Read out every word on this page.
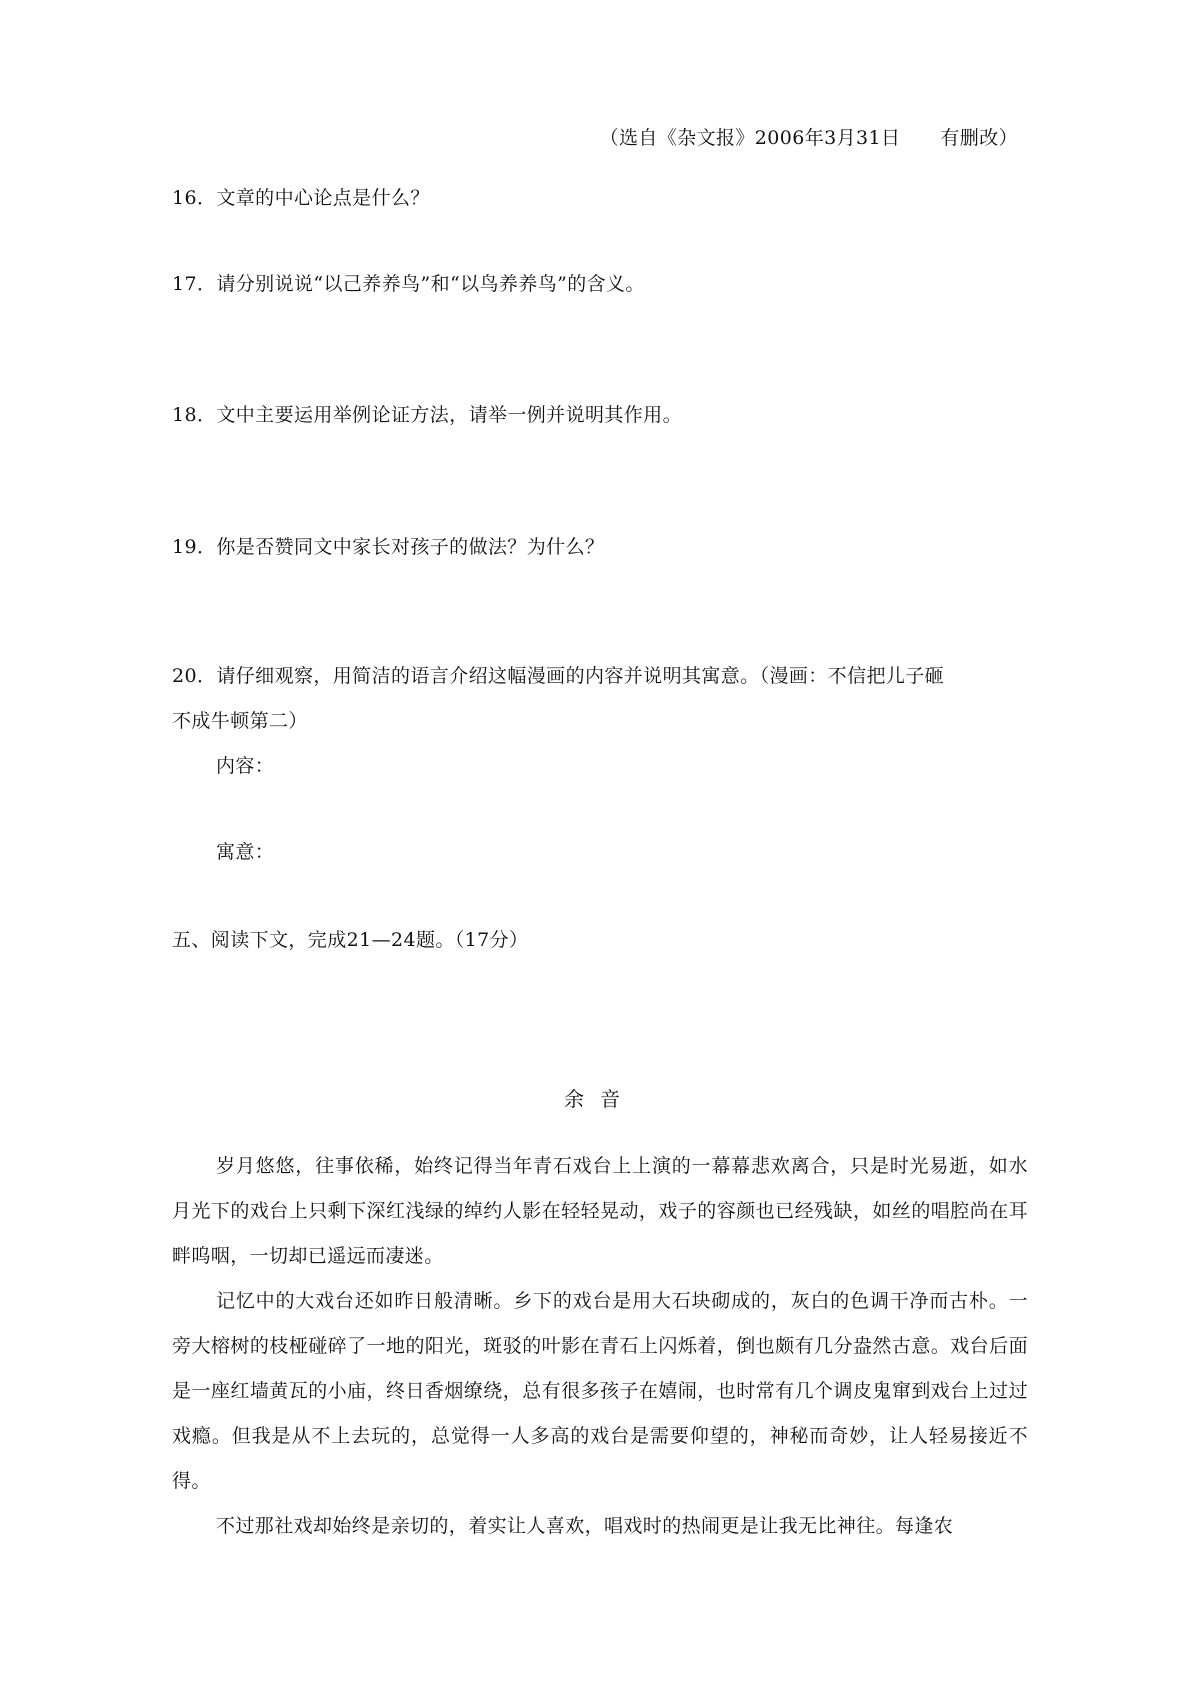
（选自《杂文报》2006年3月31日 有删改）
16．文章的中心论点是什么？
17．请分别说说“以己养养鸟”和“以鸟养养鸟”的含义。
18．文中主要运用举例论证方法，请举一例并说明其作用。
19．你是否赞同文中家长对孩子的做法？为什么？
20．请仔细观察，用简洁的语言介绍这幅漫画的内容并说明其寓意。（漫画：不信把儿子砸
不成牛顿第二）
内容：
寓意：
五、阅读下文，完成21—24题。（17分）
余音
岁月悠悠，往事依稀，始终记得当年青石戏台上上演的一幕幕悲欢离合，只是时光易逝，如水月光下的戏台上只剩下深红浅绿的绰约人影在轻轻晃动，戏子的容颜也已经残缺，如丝的唱腔尚在耳畔呜咽，一切却已遥远而凄迷。
记忆中的大戏台还如昨日般清晰。乡下的戏台是用大石块砌成的，灰白的色调干净而古朴。一旁大榕树的枝桠碰碎了一地的阳光，斑驳的叶影在青石上闪烁着，倒也颇有几分盎然古意。戏台后面是一座红墙黄瓦的小庙，终日香烟缭绕，总有很多孩子在嬉闹，也时常有几个调皮鬼窜到戏台上过过戏瘾。但我是从不上去玩的，总觉得一人多高的戏台是需要仰望的，神秘而奇妙，让人轻易接近不得。
不过那社戏却始终是亲切的，着实让人喜欢，唱戏时的热闹更是让我无比神往。每逢农
